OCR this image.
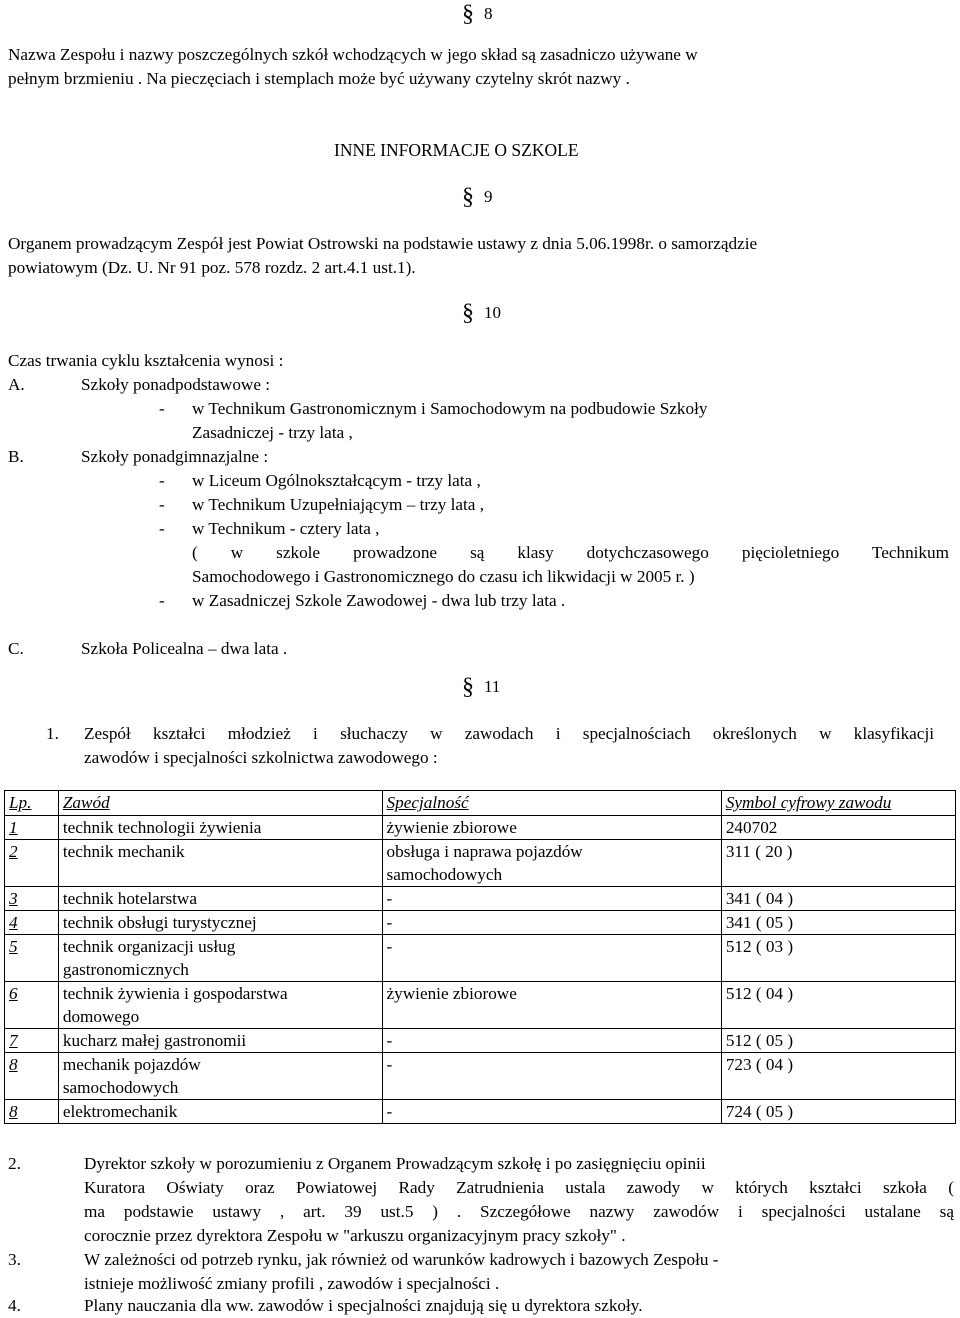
§ 8
Nazwa Zespołu i nazwy poszczególnych szkół wchodzących w jego skład są zasadniczo używane w
pełnym brzmieniu . Na pieczęciach i stemplach może być używany czytelny skrót nazwy .
INNE INFORMACJE O SZKOLE
§ 9
Organem prowadzącym Zespół jest Powiat Ostrowski na podstawie ustawy z dnia 5.06.1998r. o samorządzie
powiatowym (Dz. U. Nr 91 poz. 578 rozdz. 2 art.4.1 ust.1).
§ 10
Czas trwania cyklu kształcenia wynosi :
A.	Szkoły ponadpodstawowe :
- w Technikum Gastronomicznym i Samochodowym na podbudowie Szkoły
Zasadniczej - trzy lata ,
B.	Szkoły ponadgimnazjalne :
- w Liceum Ogólnokształcącym - trzy lata ,
- w Technikum Uzupełniającym – trzy lata ,
- w Technikum - cztery lata ,
( w szkole prowadzone są klasy dotychczasowego pięcioletniego Technikum
Samochodowego i Gastronomicznego do czasu ich likwidacji w 2005 r. )
- w Zasadniczej Szkole Zawodowej - dwa lub trzy lata .
C.	Szkoła Policealna – dwa lata .
§ 11
1. Zespół kształci młodzież i słuchaczy w zawodach i specjalnościach określonych w klasyfikacji
zawodów i specjalności szkolnictwa zawodowego :
Lp.	Zawód	Specjalność	Symbol cyfrowy zawodu
1	technik technologii żywienia	żywienie zbiorowe	240702
2	technik mechanik	obsługa i naprawa pojazdów samochodowych	311 ( 20 )
3	technik hotelarstwa	-	341 ( 04 )
4	technik obsługi turystycznej	-	341 ( 05 )
5	technik organizacji usług gastronomicznych	-	512 ( 03 )
6	technik żywienia i gospodarstwa domowego	żywienie zbiorowe	512 ( 04 )
7	kucharz małej gastronomii	-	512 ( 05 )
8	mechanik pojazdów samochodowych	-	723 ( 04 )
8	elektromechanik	-	724 ( 05 )
2.	Dyrektor szkoły w porozumieniu z Organem Prowadzącym szkołę i po zasięgnięciu opinii
Kuratora Oświaty oraz Powiatowej Rady Zatrudnienia ustala zawody w których kształci szkoła (
ma podstawie ustawy , art. 39 ust.5 ) . Szczegółowe nazwy zawodów i specjalności ustalane są
corocznie przez dyrektora Zespołu w "arkuszu organizacyjnym pracy szkoły" .
3.	W zależności od potrzeb rynku, jak również od warunków kadrowych i bazowych Zespołu -
istnieje możliwość zmiany profili , zawodów i specjalności .
4.	Plany nauczania dla ww. zawodów i specjalności znajdują się u dyrektora szkoły.
